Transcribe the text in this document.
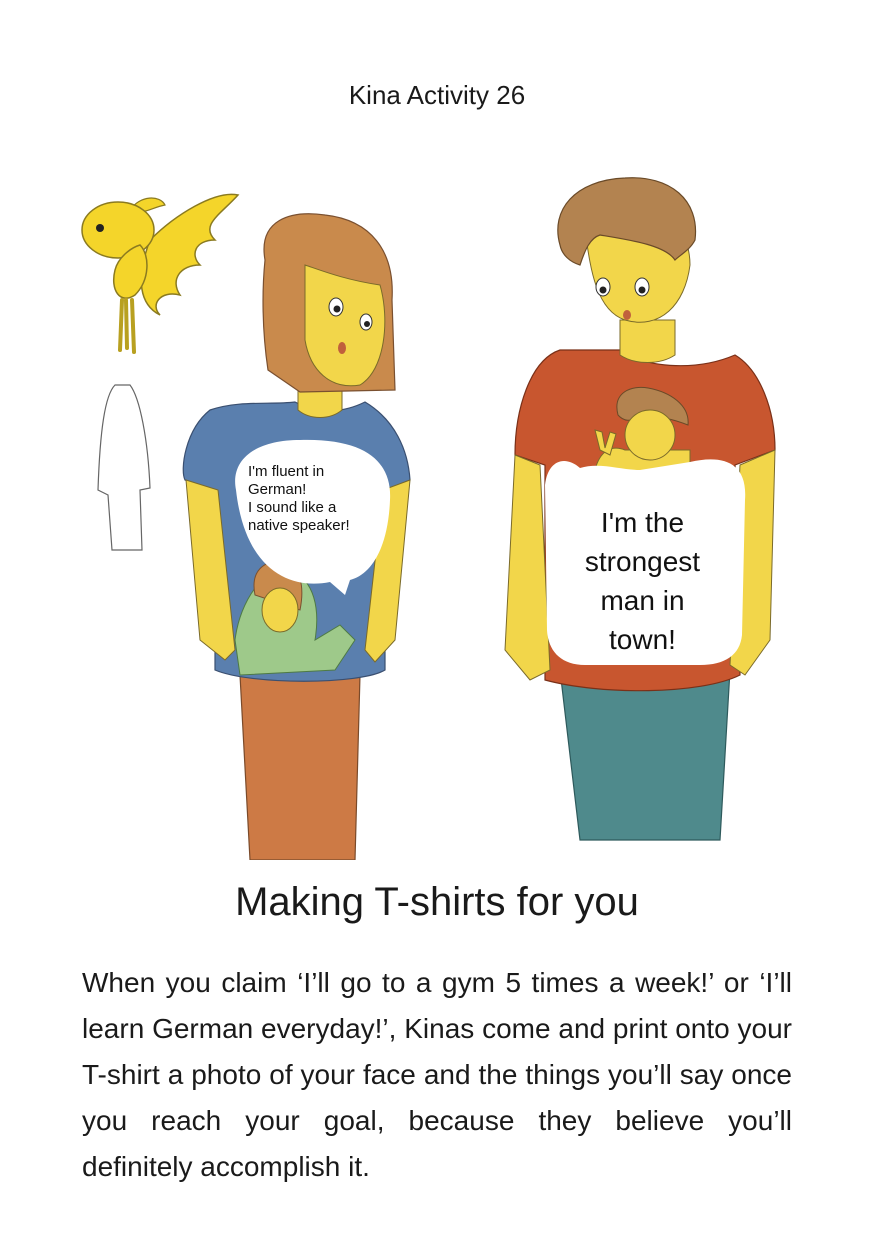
Kina Activity 26
I'm fluent in
German!
I sound like a
native speaker!	I'm the
strongest
man in
town!
Making T-shirts for you

When you claim ‘I’ll go to a gym 5 times a week!’ or ‘I’ll learn German everyday!’, Kinas come and print onto your T-shirt a photo of your face and the things you’ll say once you reach your goal, because they believe you’ll definitely accomplish it.
